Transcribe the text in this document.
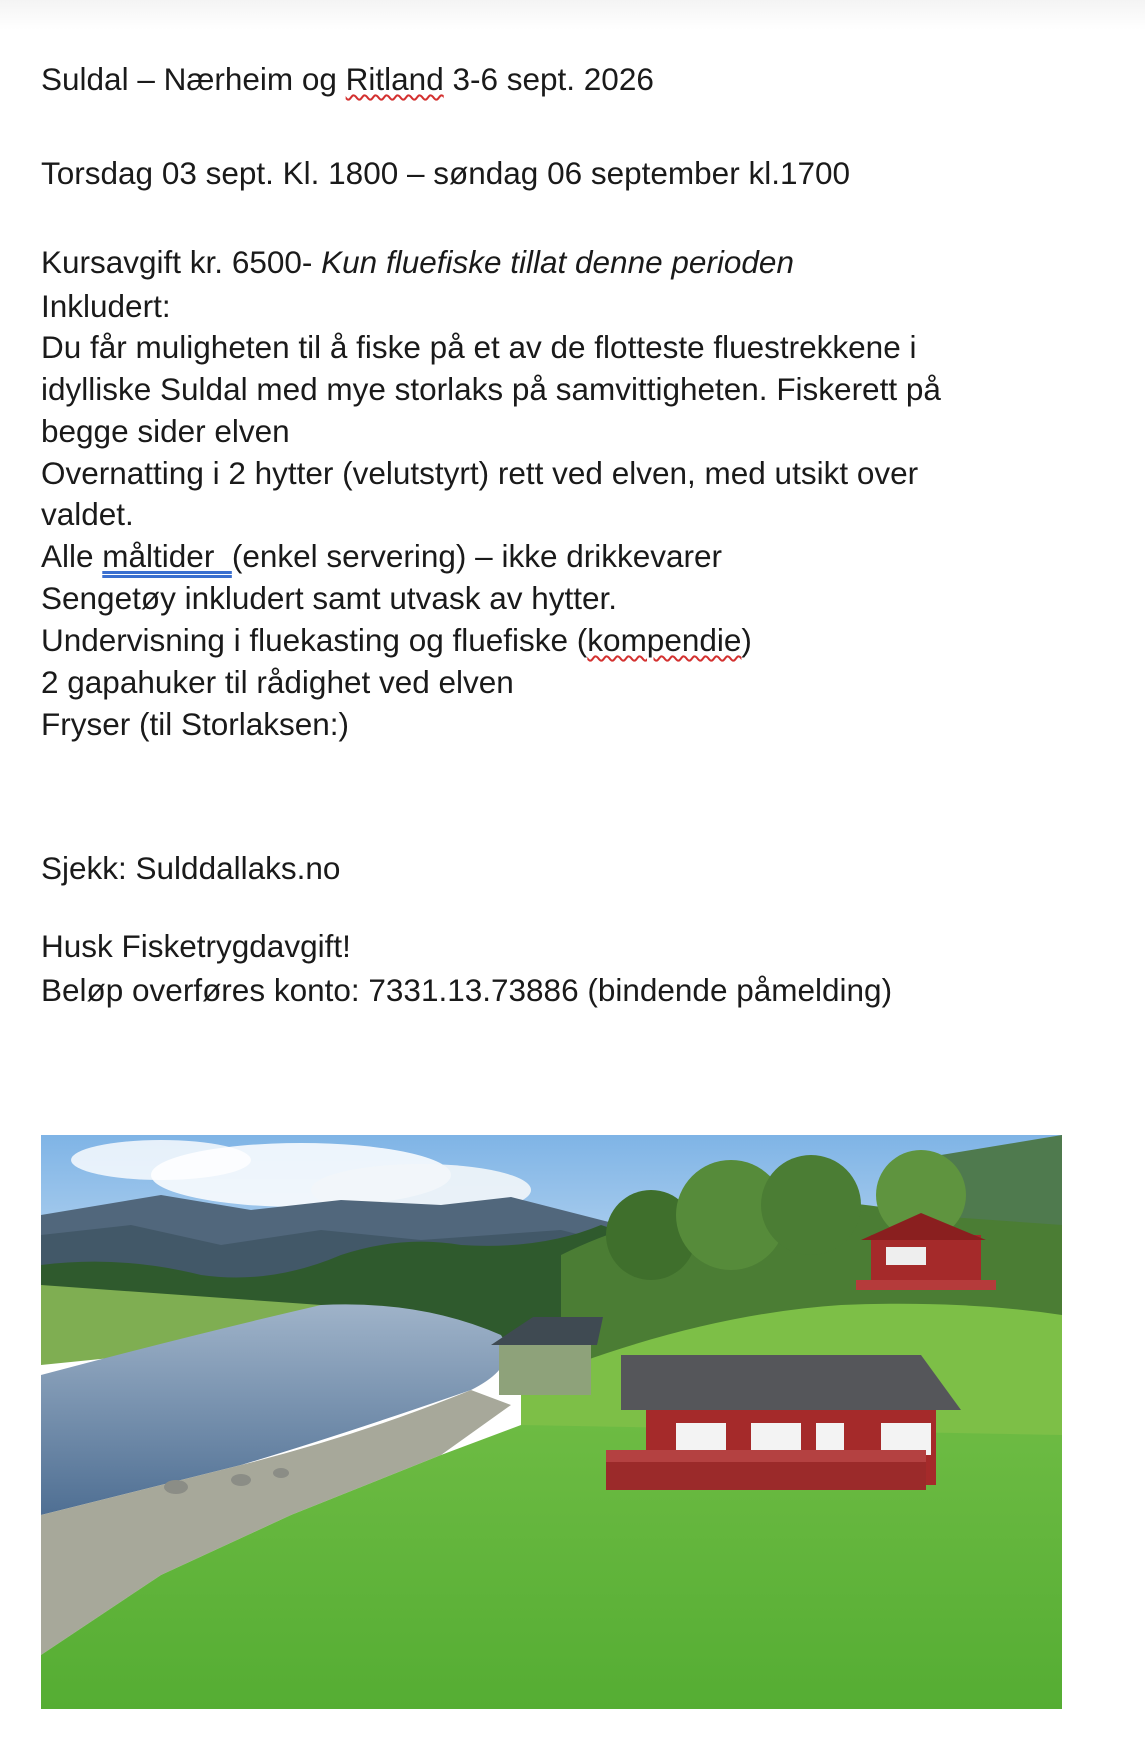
Suldal – Nærheim og Ritland 3-6 sept. 2026

Torsdag 03 sept. Kl. 1800 – søndag 06 september kl.1700

Kursavgift kr. 6500- Kun fluefiske tillat denne perioden

Inkludert:

Du får muligheten til å fiske på et av de flotteste fluestrekkene i

idylliske Suldal med mye storlaks på samvittigheten. Fiskerett på

begge sider elven

Overnatting i 2 hytter (velutstyrt) rett ved elven, med utsikt over

valdet.

Alle måltider  (enkel servering) – ikke drikkevarer

Sengetøy inkludert samt utvask av hytter.

Undervisning i fluekasting og fluefiske (kompendie)

2 gapahuker til rådighet ved elven

Fryser (til Storlaksen:)

Sjekk: Sulddallaks.no

Husk Fisketrygdavgift!

Beløp overføres konto: 7331.13.73886 (bindende påmelding)
